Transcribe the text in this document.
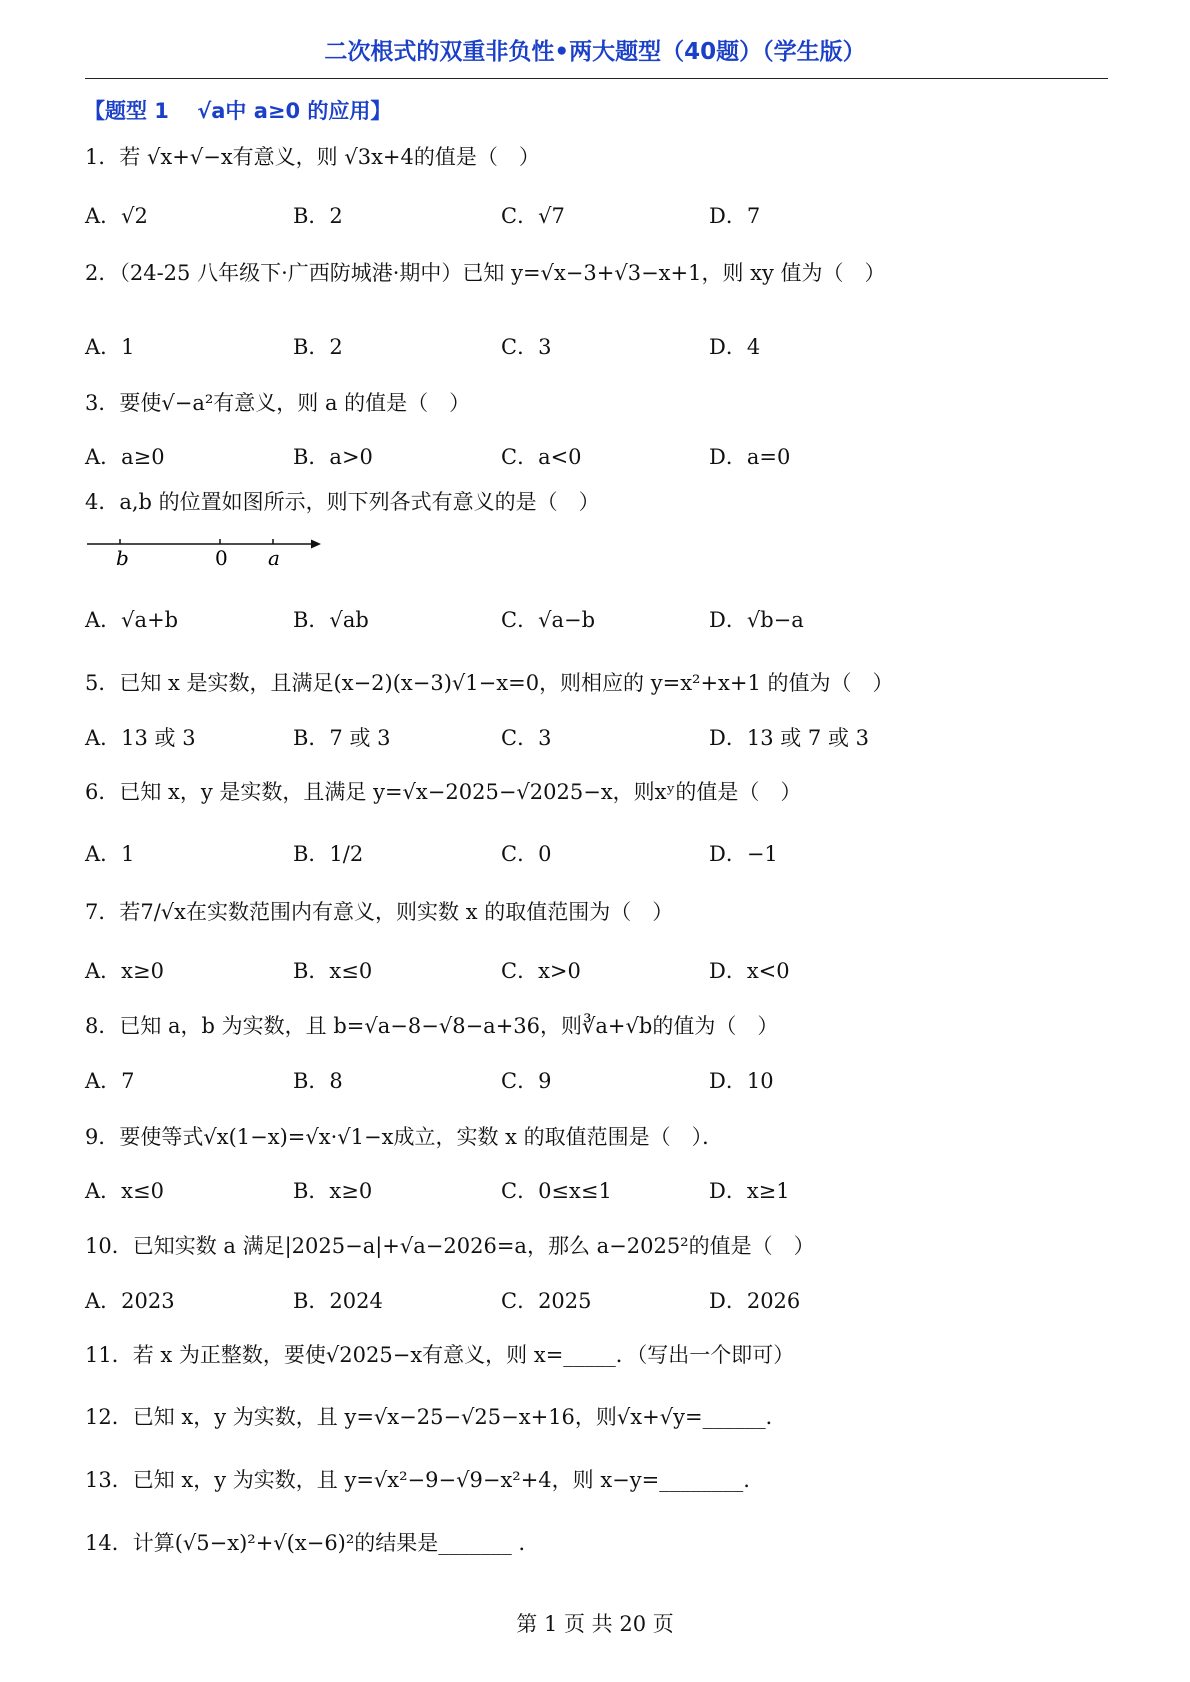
二次根式的双重非负性•两大题型（40题）（学生版）
【题型 1　 √a中 a≥0 的应用】
1．若 √x+√−x有意义，则 √3x+4的值是（　）
A．√2	B．2	C．√7	D．7
2．（24-25 八年级下·广西防城港·期中）已知 y=√x−3+√3−x+1，则 xy 值为（　）
A．1	B．2	C．3	D．4
3．要使√−a²有意义，则 a 的值是（　）
A．a≥0	B．a>0	C．a<0	D．a=0
4．a,b 的位置如图所示，则下列各式有意义的是（　）
b	0 a
A．√a+b	B．√ab	C．√a−b	D．√b−a
5．已知 x 是实数，且满足(x−2)(x−3)√1−x=0，则相应的 y=x²+x+1 的值为（　）
A．13 或 3	B．7 或 3	C．3	D．13 或 7 或 3
6．已知 x，y 是实数，且满足 y=√x−2025−√2025−x，则xʸ的值是（　）
A．1	B．1/2	C．0	D．−1
7．若7/√x在实数范围内有意义，则实数 x 的取值范围为（　）
A．x≥0	B．x≤0	C．x>0	D．x<0
8．已知 a，b 为实数，且 b=√a−8−√8−a+36，则∛a+√b的值为（　）
A．7	B．8	C．9	D．10
9．要使等式√x(1−x)=√x·√1−x成立，实数 x 的取值范围是（　）．
A．x≤0	B．x≥0	C．0≤x≤1	D．x≥1
10．已知实数 a 满足|2025−a|+√a−2026=a，那么 a−2025²的值是（　）
A．2023	B．2024	C．2025	D．2026
11．若 x 为正整数，要使√2025−x有意义，则 x=_____．（写出一个即可）
12．已知 x，y 为实数，且 y=√x−25−√25−x+16，则√x+√y=______．
13．已知 x，y 为实数，且 y=√x²−9−√9−x²+4，则 x−y=________.
14．计算(√5−x)²+√(x−6)²的结果是_______ ．
第 1 页 共 20 页
